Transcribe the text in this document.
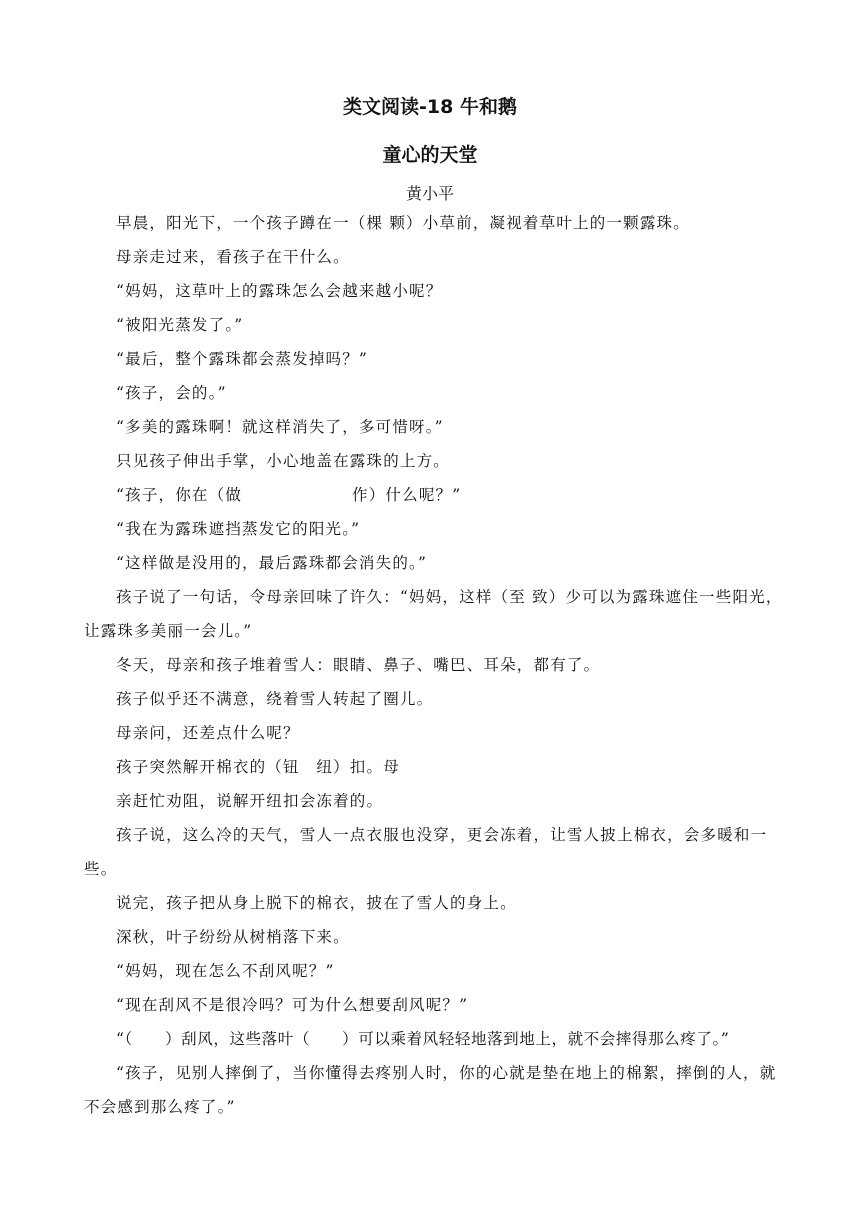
类文阅读-18 牛和鹅
童心的天堂
黄小平

早晨，阳光下，一个孩子蹲在一（棵 颗）小草前，凝视着草叶上的一颗露珠。

母亲走过来，看孩子在干什么。

“妈妈，这草叶上的露珠怎么会越来越小呢？

“被阳光蒸发了。”

“最后，整个露珠都会蒸发掉吗？”

“孩子，会的。”

“多美的露珠啊！就这样消失了，多可惜呀。”

只见孩子伸出手掌，小心地盖在露珠的上方。

“孩子，你在（做	作）什么呢？”

“我在为露珠遮挡蒸发它的阳光。”

“这样做是没用的，最后露珠都会消失的。”

孩子说了一句话，令母亲回味了许久：“妈妈，这样（至 致）少可以为露珠遮住一些阳光，让露珠多美丽一会儿。”

冬天，母亲和孩子堆着雪人：眼睛、鼻子、嘴巴、耳朵，都有了。

孩子似乎还不满意，绕着雪人转起了圈儿。

母亲问，还差点什么呢？

孩子突然解开棉衣的（钮　纽）扣。母

亲赶忙劝阻，说解开纽扣会冻着的。

孩子说，这么冷的天气，雪人一点衣服也没穿，更会冻着，让雪人披上棉衣，会多暖和一些。

说完，孩子把从身上脱下的棉衣，披在了雪人的身上。

深秋，叶子纷纷从树梢落下来。

“妈妈，现在怎么不刮风呢？”

“现在刮风不是很冷吗？可为什么想要刮风呢？”

“（　　）刮风，这些落叶（　　）可以乘着风轻轻地落到地上，就不会摔得那么疼了。”

“孩子，见别人摔倒了，当你懂得去疼别人时，你的心就是垫在地上的棉絮，摔倒的人，就不会感到那么疼了。”
